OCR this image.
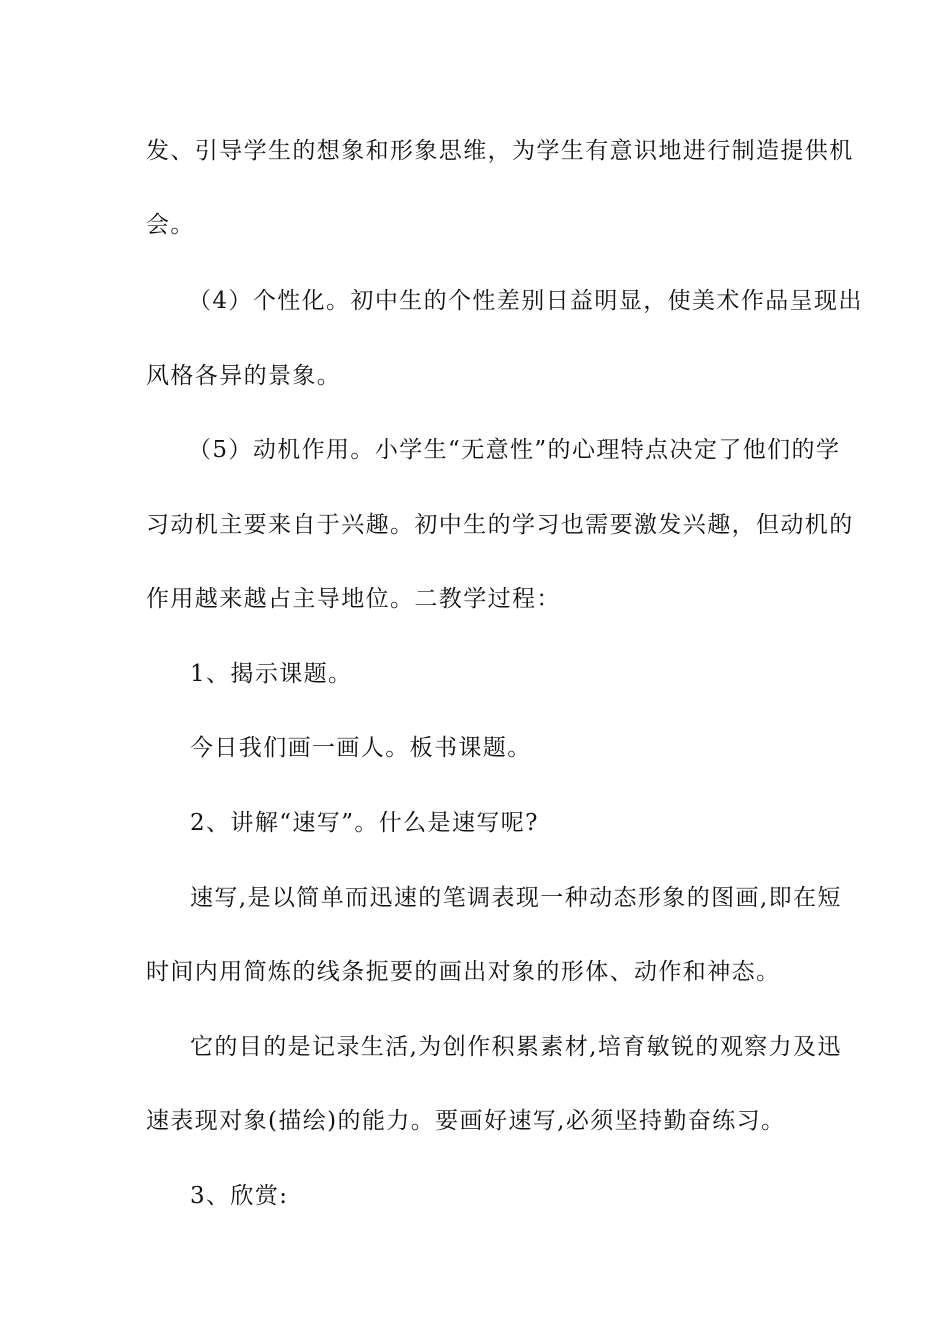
发、引导学生的想象和形象思维，为学生有意识地进行制造提供机
会。
（4）个性化。初中生的个性差别日益明显，使美术作品呈现出
风格各异的景象。
（5）动机作用。小学生“无意性”的心理特点决定了他们的学
习动机主要来自于兴趣。初中生的学习也需要激发兴趣，但动机的
作用越来越占主导地位。二教学过程：
1、揭示课题。
今日我们画一画人。板书课题。
2、讲解“速写”。什么是速写呢?
速写,是以简单而迅速的笔调表现一种动态形象的图画,即在短
时间内用简炼的线条扼要的画出对象的形体、动作和神态。
它的目的是记录生活,为创作积累素材,培育敏锐的观察力及迅
速表现对象(描绘)的能力。要画好速写,必须坚持勤奋练习。
3、欣赏:
